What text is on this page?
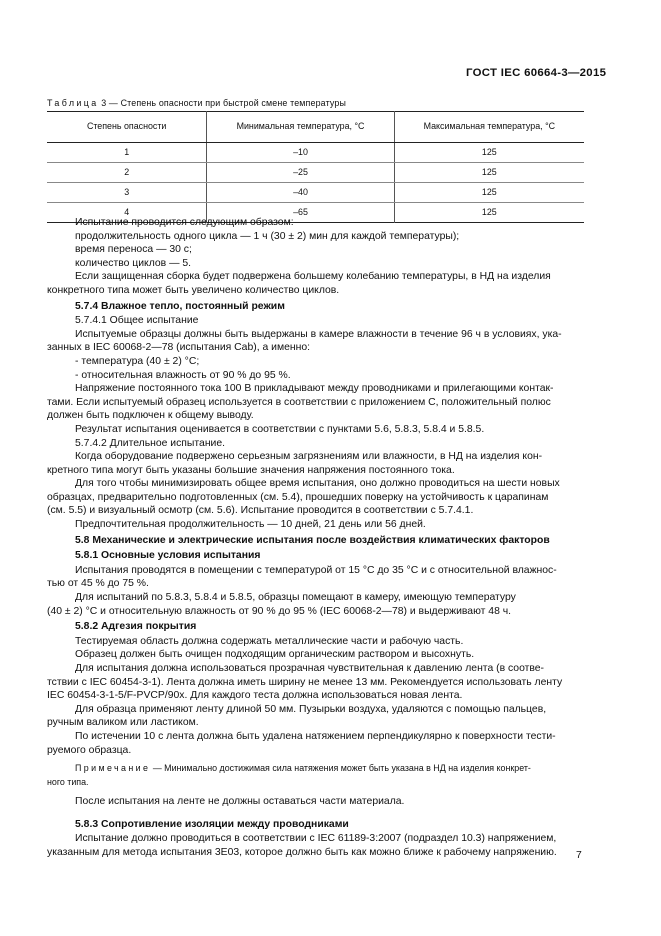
ГОСТ IEC 60664-3—2015
Таблица 3 — Степень опасности при быстрой смене температуры
Степень опасности	Минимальная температура, °С	Максимальная температура, °С
1	–10	125
2	–25	125
3	–40	125
4	–65	125

Испытание проводится следующим образом:

продолжительность одного цикла — 1 ч (30 ± 2) мин для каждой температуры);

время переноса — 30 с;

количество циклов — 5.

Если защищенная сборка будет подвержена большему колебанию температуры, в НД на изделия

конкретного типа может быть увеличено количество циклов.

5.7.4 Влажное тепло, постоянный режим

5.7.4.1 Общее испытание

Испытуемые образцы должны быть выдержаны в камере влажности в течение 96 ч в условиях, ука-

занных в IEC 60068-2—78 (испытания Cab), а именно:

- температура (40 ± 2) °С;

- относительная влажность от 90 % до 95 %.

Напряжение постоянного тока 100 В прикладывают между проводниками и прилегающими контак-

тами. Если испытуемый образец используется в соответствии с приложением С, положительный полюс

должен быть подключен к общему выводу.

Результат испытания оценивается в соответствии с пунктами 5.6, 5.8.3, 5.8.4 и 5.8.5.

5.7.4.2 Длительное испытание.

Когда оборудование подвержено серьезным загрязнениям или влажности, в НД на изделия кон-

кретного типа могут быть указаны большие значения напряжения постоянного тока.

Для того чтобы минимизировать общее время испытания, оно должно проводиться на шести новых

образцах, предварительно подготовленных (см. 5.4), прошедших поверку на устойчивость к царапинам

(см. 5.5) и визуальный осмотр (см. 5.6). Испытание проводится в соответствии с 5.7.4.1.

Предпочтительная продолжительность — 10 дней, 21 день или 56 дней.

5.8 Механические и электрические испытания после воздействия климатических факторов

5.8.1 Основные условия испытания

Испытания проводятся в помещении с температурой от 15 °С до 35 °С и с относительной влажнос-

тью от 45 % до 75 %.

Для испытаний по 5.8.3, 5.8.4 и 5.8.5, образцы помещают в камеру, имеющую температуру

(40 ± 2) °С и относительную влажность от 90 % до 95 % (IEC 60068-2—78) и выдерживают 48 ч.

5.8.2 Адгезия покрытия

Тестируемая область должна содержать металлические части и рабочую часть.

Образец должен быть очищен подходящим органическим раствором и высохнуть.

Для испытания должна использоваться прозрачная чувствительная к давлению лента (в соотве-

тствии с IEC 60454-3-1). Лента должна иметь ширину не менее 13 мм. Рекомендуется использовать ленту

IEC 60454-3-1-5/F-PVCP/90x. Для каждого теста должна использоваться новая лента.

Для образца применяют ленту длиной 50 мм. Пузырьки воздуха, удаляются с помощью пальцев,

ручным валиком или ластиком.

По истечении 10 с лента должна быть удалена натяжением перпендикулярно к поверхности тести-

руемого образца.

Примечание — Минимально достижимая сила натяжения может быть указана в НД на изделия конкрет-

ного типа.

После испытания на ленте не должны оставаться части материала.

5.8.3 Сопротивление изоляции между проводниками

Испытание должно проводиться в соответствии с IEC 61189-3:2007 (подраздел 10.3) напряжением,

указанным для метода испытания 3E03, которое должно быть как можно ближе к рабочему напряжению.	7
